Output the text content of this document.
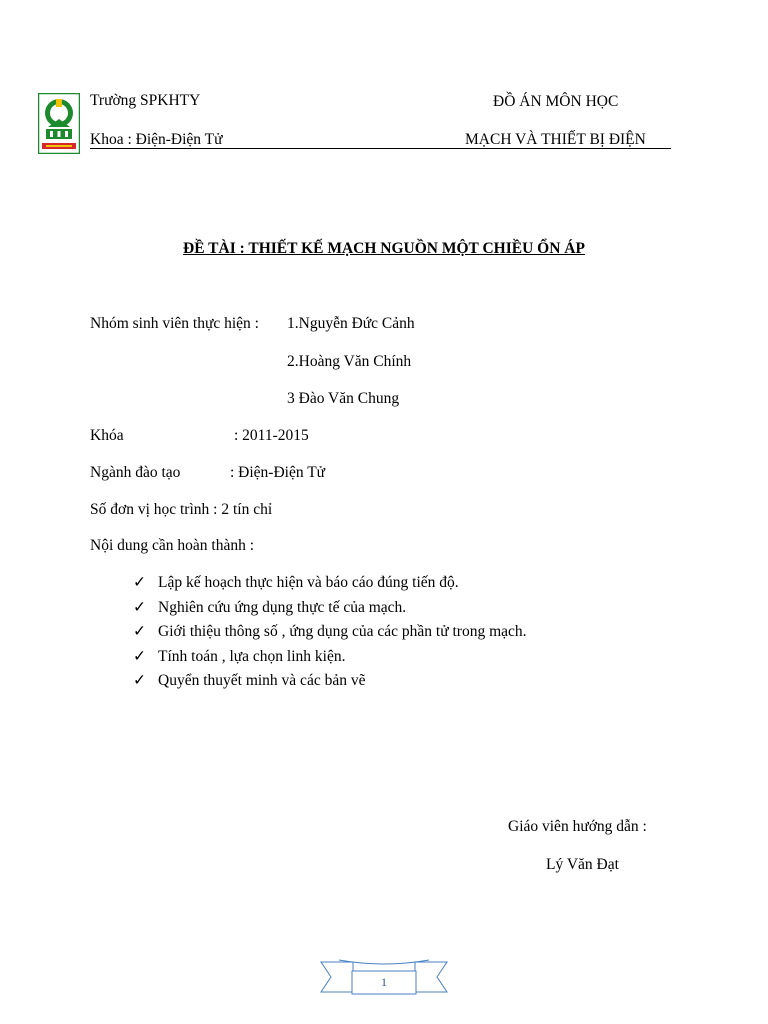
Trường SPKHTY
Khoa : Điện-Điện Tử
ĐỒ ÁN MÔN HỌC
MẠCH VÀ THIẾT BỊ ĐIỆN
ĐỀ TÀI : THIẾT KẾ MẠCH NGUỒN MỘT CHIỀU ỔN ÁP
Nhóm sinh viên thực hiện : 1.Nguyễn Đức Cảnh
2.Hoàng Văn Chính
3 Đào Văn Chung
Khóa	: 2011-2015
Ngành đào tạo	: Điện-Điện Tử
Số đơn vị học trình : 2 tín chỉ
Nội dung cần hoàn thành :
✓ Lập kế hoạch thực hiện và báo cáo đúng tiến độ.
✓ Nghiên cứu ứng dụng thực tế của mạch.
✓ Giới thiệu thông số , ứng dụng của các phần tử trong mạch.
✓ Tính toán , lựa chọn linh kiện.
✓ Quyển thuyết minh và các bản vẽ
Giáo viên hướng dẫn :
Lý Văn Đạt
1
